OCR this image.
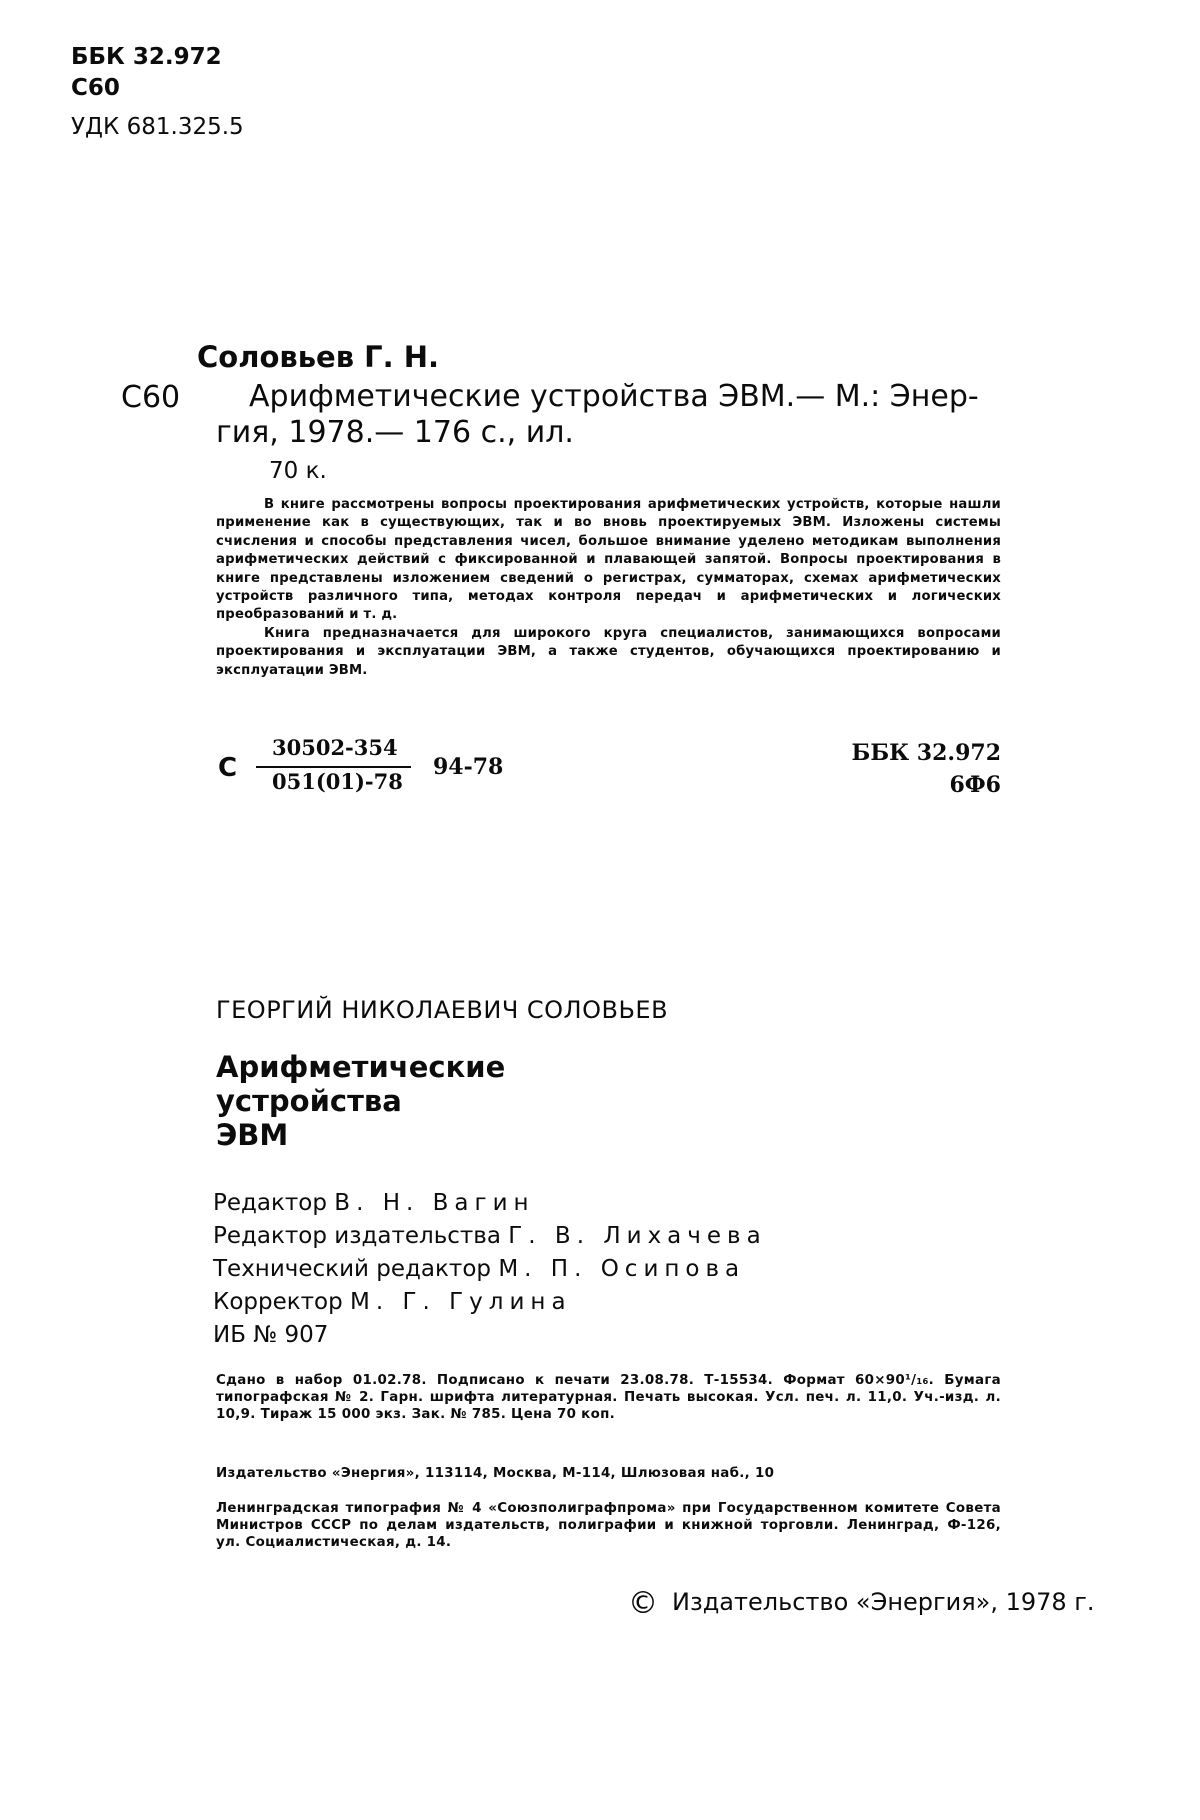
ББК 32.972
С60
УДК 681.325.5
Соловьев Г. Н.
С60 Арифметические устройства ЭВМ.— М.: Энер-
гия, 1978.— 176 с., ил.
70 к.

В книге рассмотрены вопросы проектирования арифметических устройств, которые нашли применение как в существующих, так и во вновь проектируемых ЭВМ. Изложены системы счисления и способы представления чисел, большое внимание уделено методикам выполнения арифметических действий с фиксированной и плавающей запятой. Вопросы проектирования в книге представлены изложением сведений о регистрах, сумматорах, схемах арифметических устройств различного типа, методах контроля передач и арифметических и логических преобразований и т. д.

Книга предназначается для широкого круга специалистов, занимающихся вопросами проектирования и эксплуатации ЭВМ, а также студентов, обучающихся проектированию и эксплуатации ЭВМ.

С
30502-354
051(01)-78
94-78
ББК 32.972
6Ф6
ГЕОРГИЙ НИКОЛАЕВИЧ СОЛОВЬЕВ
Арифметические
устройства
ЭВМ
Редактор В. Н. Вагин
Редактор издательства Г. В. Лихачева
Технический редактор М. П. Осипова
Корректор М. Г. Гулина
ИБ № 907
Сдано в набор 01.02.78. Подписано к печати 23.08.78. Т-15534. Формат 60×90¹/₁₆. Бумага типографская № 2. Гарн. шрифта литературная. Печать высокая. Усл. печ. л. 11,0. Уч.-изд. л. 10,9. Тираж 15 000 экз. Зак. № 785. Цена 70 коп.
Издательство «Энергия», 113114, Москва, М-114, Шлюзовая наб., 10
Ленинградская типография № 4 «Союзполиграфпрома» при Государственном комитете Совета Министров СССР по делам издательств, полиграфии и книжной торговли. Ленинград, Ф-126, ул. Социалистическая, д. 14.
© Издательство «Энергия», 1978 г.
